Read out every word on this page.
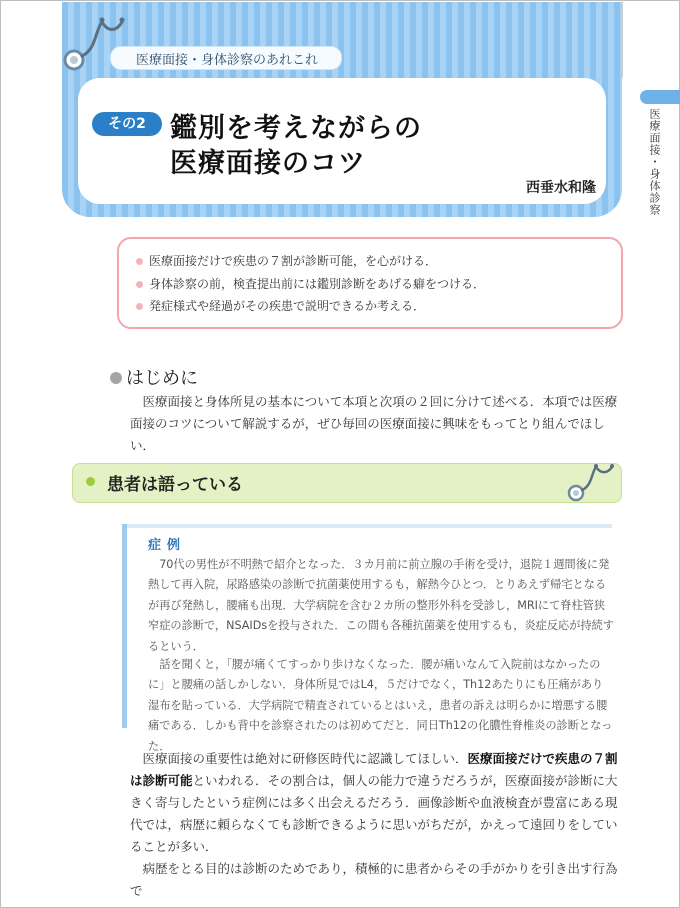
医療面接・身体診察のあれこれ
その2 鑑別を考えながらの
医療面接のコツ
西垂水和隆	医療面接・身体診察
医療面接だけで疾患の７割が診断可能，を心がける．
身体診察の前，検査提出前には鑑別診断をあげる癖をつける．
発症様式や経過がその疾患で説明できるか考える．
はじめに
医療面接と身体所見の基本について本項と次項の２回に分けて述べる．本項では医療面接のコツについて解説するが，ぜひ毎回の医療面接に興味をもってとり組んでほしい．
患者は語っている
症例
70代の男性が不明熱で紹介となった．３カ月前に前立腺の手術を受け，退院１週間後に発熱して再入院，尿路感染の診断で抗菌薬使用するも，解熱今ひとつ．とりあえず帰宅となるが再び発熱し，腰痛も出現．大学病院を含む２カ所の整形外科を受診し，MRIにて脊柱管狭窄症の診断で，NSAIDsを投与された．この間も各種抗菌薬を使用するも，炎症反応が持続するという．
話を聞くと，「腰が痛くてすっかり歩けなくなった．腰が痛いなんて入院前はなかったのに」と腰痛の話しかしない．身体所見ではL4，５だけでなく，Th12あたりにも圧痛があり湿布を貼っている．大学病院で精査されているとはいえ，患者の訴えは明らかに増悪する腰痛である．しかも背中を診察されたのは初めてだと．同日Th12の化膿性脊椎炎の診断となった．
医療面接の重要性は絶対に研修医時代に認識してほしい．医療面接だけで疾患の７割は診断可能といわれる．その割合は，個人の能力で違うだろうが，医療面接が診断に大きく寄与したという症例には多く出会えるだろう．画像診断や血液検査が豊富にある現代では，病歴に頼らなくても診断できるように思いがちだが，かえって遠回りをしていることが多い．
病歴をとる目的は診断のためであり，積極的に患者からその手がかりを引き出す行為で
